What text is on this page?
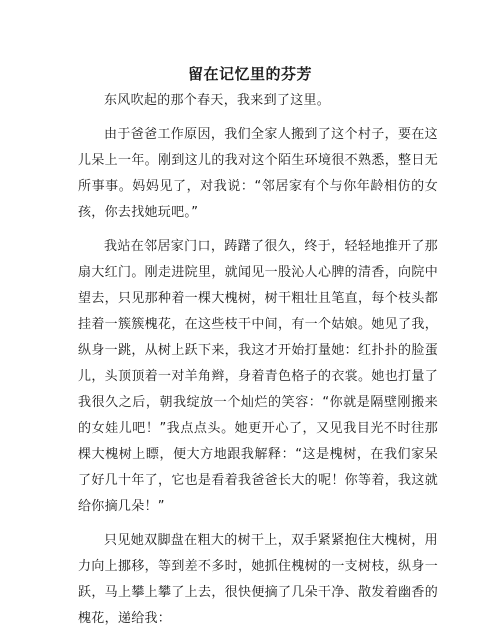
留在记忆里的芬芳

东风吹起的那个春天，我来到了这里。

由于爸爸工作原因，我们全家人搬到了这个村子，要在这儿呆上一年。刚到这儿的我对这个陌生环境很不熟悉，整日无所事事。妈妈见了，对我说：“邻居家有个与你年龄相仿的女孩，你去找她玩吧。”

我站在邻居家门口，踌躇了很久，终于，轻轻地推开了那扇大红门。刚走进院里，就闻见一股沁人心脾的清香，向院中望去，只见那种着一棵大槐树，树干粗壮且笔直，每个枝头都挂着一簇簇槐花，在这些枝干中间，有一个姑娘。她见了我，纵身一跳，从树上跃下来，我这才开始打量她：红扑扑的脸蛋儿，头顶顶着一对羊角辫，身着青色格子的衣裳。她也打量了我很久之后，朝我绽放一个灿烂的笑容：“你就是隔壁刚搬来的女娃儿吧！”我点点头。她更开心了，又见我目光不时往那棵大槐树上瞟，便大方地跟我解释：“这是槐树，在我们家呆了好几十年了，它也是看着我爸爸长大的呢！你等着，我这就给你摘几朵！”

只见她双脚盘在粗大的树干上，双手紧紧抱住大槐树，用力向上挪移，等到差不多时，她抓住槐树的一支树枝，纵身一跃，马上攀上攀了上去，很快便摘了几朵干净、散发着幽香的槐花，递给我：
